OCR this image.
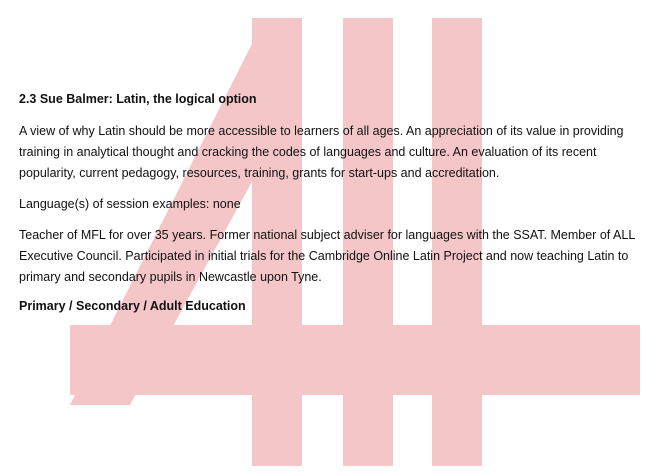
2.3 Sue Balmer: Latin, the logical option

A view of why Latin should be more accessible to learners of all ages. An appreciation of its value in providing training in analytical thought and cracking the codes of languages and culture. An evaluation of its recent popularity, current pedagogy, resources, training, grants for start-ups and accreditation.

Language(s) of session examples: none

Teacher of MFL for over 35 years. Former national subject adviser for languages with the SSAT. Member of ALL Executive Council. Participated in initial trials for the Cambridge Online Latin Project and now teaching Latin to primary and secondary pupils in Newcastle upon Tyne.

Primary / Secondary / Adult Education
